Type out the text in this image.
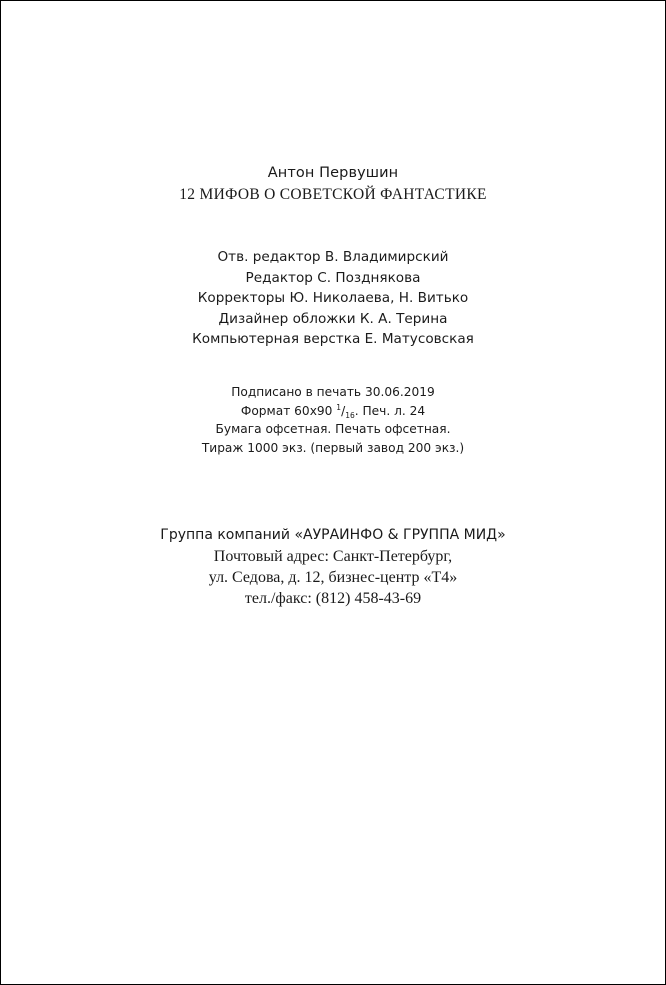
Антон Первушин
12 МИФОВ О СОВЕТСКОЙ ФАНТАСТИКЕ
Отв. редактор В. Владимирский
Редактор С. Позднякова
Корректоры Ю. Николаева, Н. Витько
Дизайнер обложки К. А. Терина
Компьютерная верстка Е. Матусовская
Подписано в печать 30.06.2019
Формат 60x90 $^1/_{16}$. Печ. л. 24
Бумага офсетная. Печать офсетная.
Тираж 1000 экз. (первый завод 200 экз.)
Группа компаний «АУРАИНФО & ГРУППА МИД»
Почтовый адрес: Санкт-Петербург,
ул. Седова, д. 12, бизнес-центр «Т4»
тел./факс: (812) 458-43-69
